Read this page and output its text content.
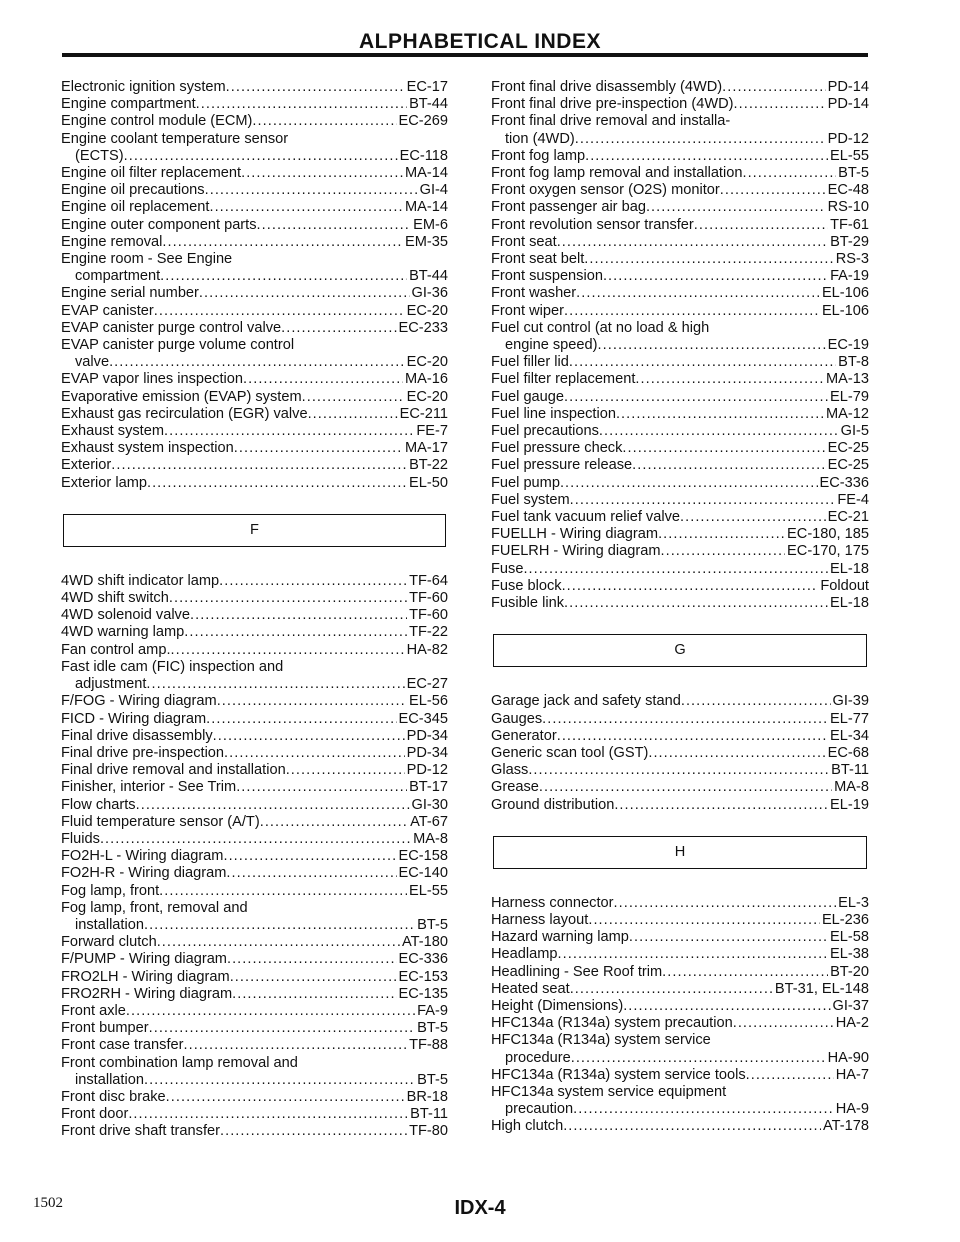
ALPHABETICAL INDEX
Electronic ignition system . . .	EC-17
Engine compartment . . .	BT-44
Engine control module (ECM) . . .	EC-269
Engine coolant temperature sensor
(ECTS) . . .	EC-118
Engine oil filter replacement . . .	MA-14
Engine oil precautions . . .	GI-4
Engine oil replacement . . .	MA-14
Engine outer component parts . . .	EM-6
Engine removal . . .	EM-35
Engine room - See Engine
compartment . . .	BT-44
Engine serial number . . .	GI-36
EVAP canister . . .	EC-20
EVAP canister purge control valve . . .	EC-233
EVAP canister purge volume control
valve . . .	EC-20
EVAP vapor lines inspection . . .	MA-16
Evaporative emission (EVAP) system . . .	EC-20
Exhaust gas recirculation (EGR) valve . . .	EC-211
Exhaust system . . .	FE-7
Exhaust system inspection . . .	MA-17
Exterior . . .	BT-22
Exterior lamp . . .	EL-50
F
4WD shift indicator lamp . . .	TF-64
4WD shift switch . . .	TF-60
4WD solenoid valve . . .	TF-60
4WD warning lamp . . .	TF-22
Fan control amp. . . .	HA-82
Fast idle cam (FIC) inspection and
adjustment . . .	EC-27
F/FOG - Wiring diagram . . .	EL-56
FICD - Wiring diagram . . .	EC-345
Final drive disassembly . . .	PD-34
Final drive pre-inspection . . .	PD-34
Final drive removal and installation . . .	PD-12
Finisher, interior - See Trim . . .	BT-17
Flow charts . . .	GI-30
Fluid temperature sensor (A/T) . . .	AT-67
Fluids . . .	MA-8
FO2H-L - Wiring diagram . . .	EC-158
FO2H-R - Wiring diagram . . .	EC-140
Fog lamp, front . . .	EL-55
Fog lamp, front, removal and
installation . . .	BT-5
Forward clutch . . .	AT-180
F/PUMP - Wiring diagram . . .	EC-336
FRO2LH - Wiring diagram . . .	EC-153
FRO2RH - Wiring diagram . . .	EC-135
Front axle . . .	FA-9
Front bumper . . .	BT-5
Front case transfer . . .	TF-88
Front combination lamp removal and
installation . . .	BT-5
Front disc brake . . .	BR-18
Front door . . .	BT-11
Front drive shaft transfer . . .	TF-80
Front final drive disassembly (4WD) . . .	PD-14
Front final drive pre-inspection (4WD) . . .	PD-14
Front final drive removal and installa-
tion (4WD) . . .	PD-12
Front fog lamp . . .	EL-55
Front fog lamp removal and installation . . .	BT-5
Front oxygen sensor (O2S) monitor . . .	EC-48
Front passenger air bag . . .	RS-10
Front revolution sensor transfer . . .	TF-61
Front seat . . .	BT-29
Front seat belt . . .	RS-3
Front suspension . . .	FA-19
Front washer . . .	EL-106
Front wiper . . .	EL-106
Fuel cut control (at no load & high
engine speed) . . .	EC-19
Fuel filler lid . . .	BT-8
Fuel filter replacement . . .	MA-13
Fuel gauge . . .	EL-79
Fuel line inspection . . .	MA-12
Fuel precautions . . .	GI-5
Fuel pressure check . . .	EC-25
Fuel pressure release . . .	EC-25
Fuel pump . . .	EC-336
Fuel system . . .	FE-4
Fuel tank vacuum relief valve . . .	EC-21
FUELLH - Wiring diagram . . .	EC-180, 185
FUELRH - Wiring diagram . . .	EC-170, 175
Fuse . . .	EL-18
Fuse block . . .	Foldout
Fusible link . . .	EL-18
G
Garage jack and safety stand . . .	GI-39
Gauges . . .	EL-77
Generator . . .	EL-34
Generic scan tool (GST) . . .	EC-68
Glass . . .	BT-11
Grease . . .	MA-8
Ground distribution . . .	EL-19
H
Harness connector . . .	EL-3
Harness layout . . .	EL-236
Hazard warning lamp . . .	EL-58
Headlamp . . .	EL-38
Headlining - See Roof trim . . .	BT-20
Heated seat . . .	BT-31, EL-148
Height (Dimensions) . . .	GI-37
HFC134a (R134a) system precaution . . .	HA-2
HFC134a (R134a) system service
procedure . . .	HA-90
HFC134a (R134a) system service tools . . .	HA-7
HFC134a system service equipment
precaution . . .	HA-9
High clutch . . .	AT-178
1502	IDX-4
